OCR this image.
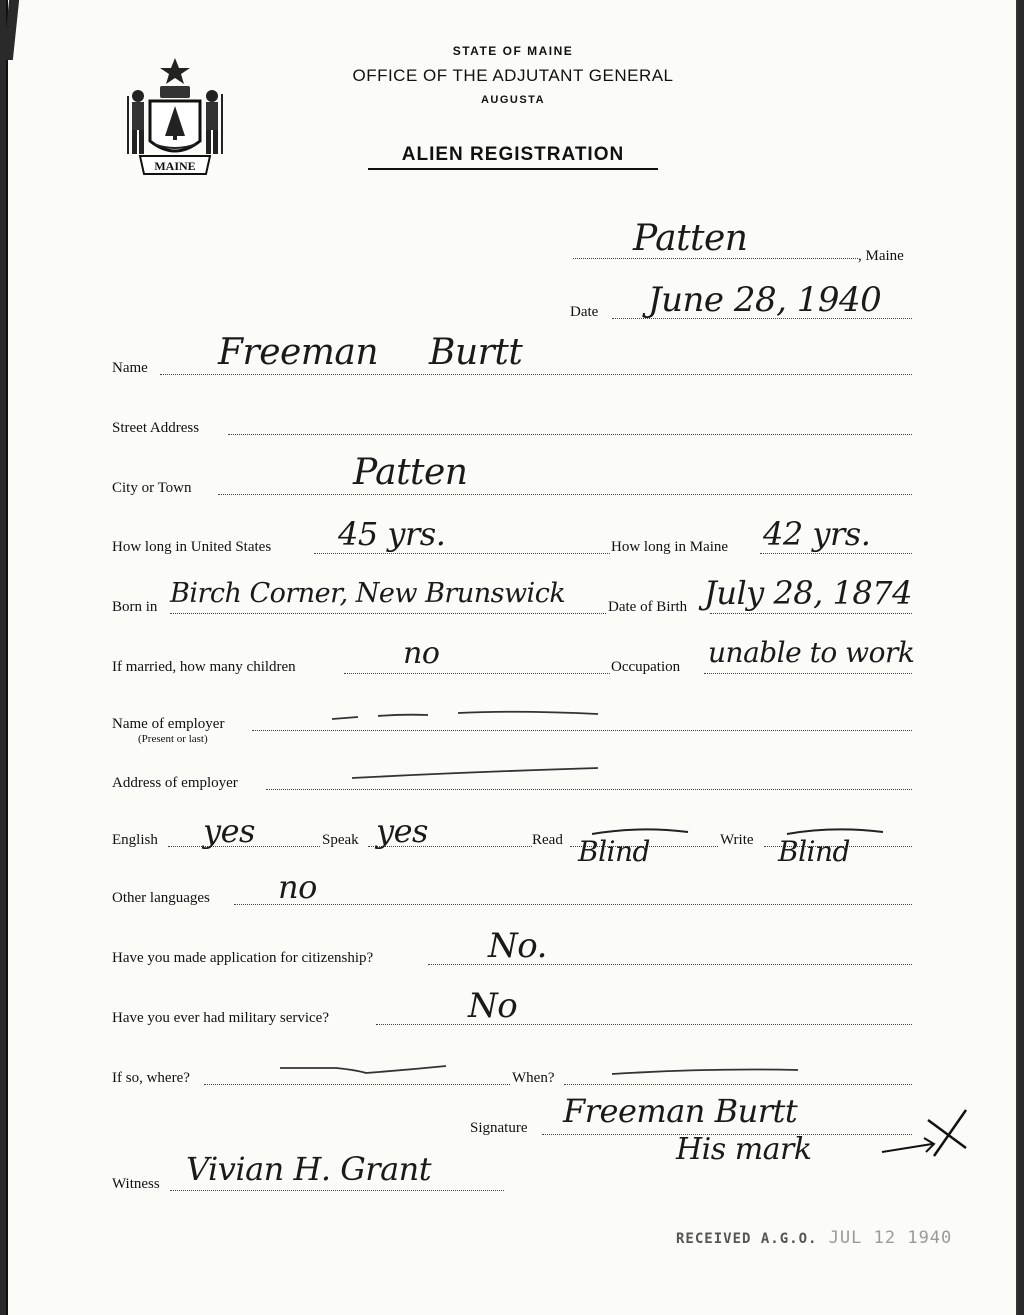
MAINE
STATE OF MAINE
OFFICE OF THE ADJUTANT GENERAL
AUGUSTA
ALIEN REGISTRATION
Patten	, Maine
Date June 28, 1940
Name Freeman Burtt
Street Address
City or Town	Patten
How long in United States 45 yrs.	How long in Maine 42 yrs.
Born in Birch Corner, New Brunswick	Date of Birth July 28, 1874
If married, how many children	no	Occupation unable to work
Name of employer
(Present or last)
Address of employer
English yes	Speak yes	Read Blind	Write Blind
Other languages no
Have you made application for citizenship?	No.
Have you ever had military service?	No
If so, where?	When?
Signature Freeman Burtt
His mark
Witness Vivian H. Grant
RECEIVED A.G.O. JUL 12 1940
